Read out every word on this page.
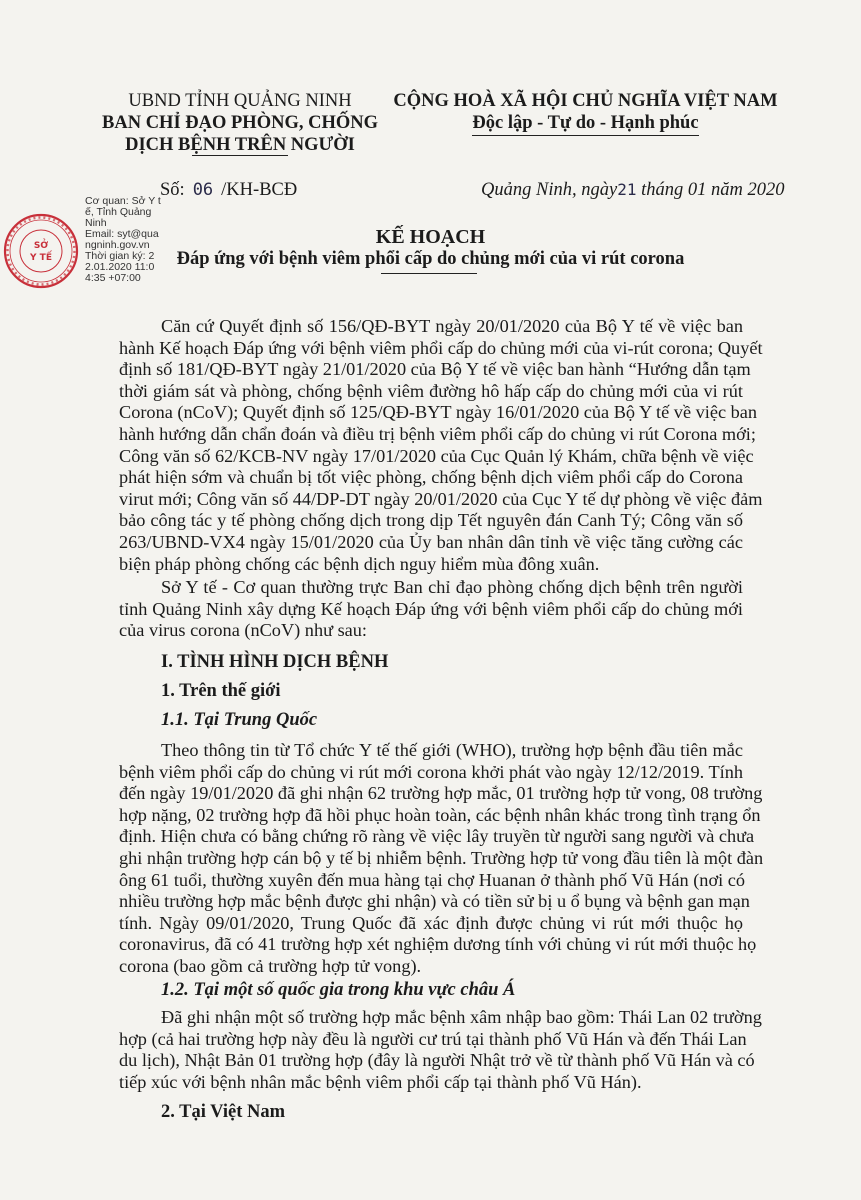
UBND TỈNH QUẢNG NINH
BAN CHỈ ĐẠO PHÒNG, CHỐNG
DỊCH BỆNH TRÊN NGƯỜI
CỘNG HOÀ XÃ HỘI CHỦ NGHĨA VIỆT NAM
Độc lập - Tự do - Hạnh phúc
Số: 06 /KH-BCĐ	Quảng Ninh, ngày21 tháng 01 năm 2020
Cơ quan: Sở Y tế, Tỉnh Quảng Ninh
Email: syt@quangninh.gov.vn
Thời gian ký: 22.01.2020 11:04:35 +07:00
SỞ
Y TẾ
KẾ HOẠCH
Đáp ứng với bệnh viêm phổi cấp do chủng mới của vi rút corona
Căn cứ Quyết định số 156/QĐ-BYT ngày 20/01/2020 của Bộ Y tế về việc ban
hành Kế hoạch Đáp ứng với bệnh viêm phổi cấp do chủng mới của vi-rút corona; Quyết
định số 181/QĐ-BYT ngày 21/01/2020 của Bộ Y tế về việc ban hành “Hướng dẫn tạm
thời giám sát và phòng, chống bệnh viêm đường hô hấp cấp do chủng mới của vi rút
Corona (nCoV); Quyết định số 125/QĐ-BYT ngày 16/01/2020 của Bộ Y tế về việc ban
hành hướng dẫn chẩn đoán và điều trị bệnh viêm phổi cấp do chủng vi rút Corona mới;
Công văn số 62/KCB-NV ngày 17/01/2020 của Cục Quản lý Khám, chữa bệnh về việc
phát hiện sớm và chuẩn bị tốt việc phòng, chống bệnh dịch viêm phổi cấp do Corona
virut mới; Công văn số 44/DP-DT ngày 20/01/2020 của Cục Y tế dự phòng về việc đảm
bảo công tác y tế phòng chống dịch trong dịp Tết nguyên đán Canh Tý; Công văn số
263/UBND-VX4 ngày 15/01/2020 của Ủy ban nhân dân tỉnh về việc tăng cường các
biện pháp phòng chống các bệnh dịch nguy hiểm mùa đông xuân.
Sở Y tế - Cơ quan thường trực Ban chỉ đạo phòng chống dịch bệnh trên người
tỉnh Quảng Ninh xây dựng Kế hoạch Đáp ứng với bệnh viêm phổi cấp do chủng mới
của virus corona (nCoV) như sau:
I. TÌNH HÌNH DỊCH BỆNH
1. Trên thế giới
1.1. Tại Trung Quốc
Theo thông tin từ Tổ chức Y tế thế giới (WHO), trường hợp bệnh đầu tiên mắc
bệnh viêm phổi cấp do chủng vi rút mới corona khởi phát vào ngày 12/12/2019. Tính
đến ngày 19/01/2020 đã ghi nhận 62 trường hợp mắc, 01 trường hợp tử vong, 08 trường
hợp nặng, 02 trường hợp đã hồi phục hoàn toàn, các bệnh nhân khác trong tình trạng ổn
định. Hiện chưa có bằng chứng rõ ràng về việc lây truyền từ người sang người và chưa
ghi nhận trường hợp cán bộ y tế bị nhiễm bệnh. Trường hợp tử vong đầu tiên là một đàn
ông 61 tuổi, thường xuyên đến mua hàng tại chợ Huanan ở thành phố Vũ Hán (nơi có
nhiều trường hợp mắc bệnh được ghi nhận) và có tiền sử bị u ổ bụng và bệnh gan mạn
tính. Ngày 09/01/2020, Trung Quốc đã xác định được chủng vi rút mới thuộc họ
coronavirus, đã có 41 trường hợp xét nghiệm dương tính với chủng vi rút mới thuộc họ
corona (bao gồm cả trường hợp tử vong).
1.2. Tại một số quốc gia trong khu vực châu Á
Đã ghi nhận một số trường hợp mắc bệnh xâm nhập bao gồm: Thái Lan 02 trường
hợp (cả hai trường hợp này đều là người cư trú tại thành phố Vũ Hán và đến Thái Lan
du lịch), Nhật Bản 01 trường hợp (đây là người Nhật trở về từ thành phố Vũ Hán và có
tiếp xúc với bệnh nhân mắc bệnh viêm phổi cấp tại thành phố Vũ Hán).
2. Tại Việt Nam
